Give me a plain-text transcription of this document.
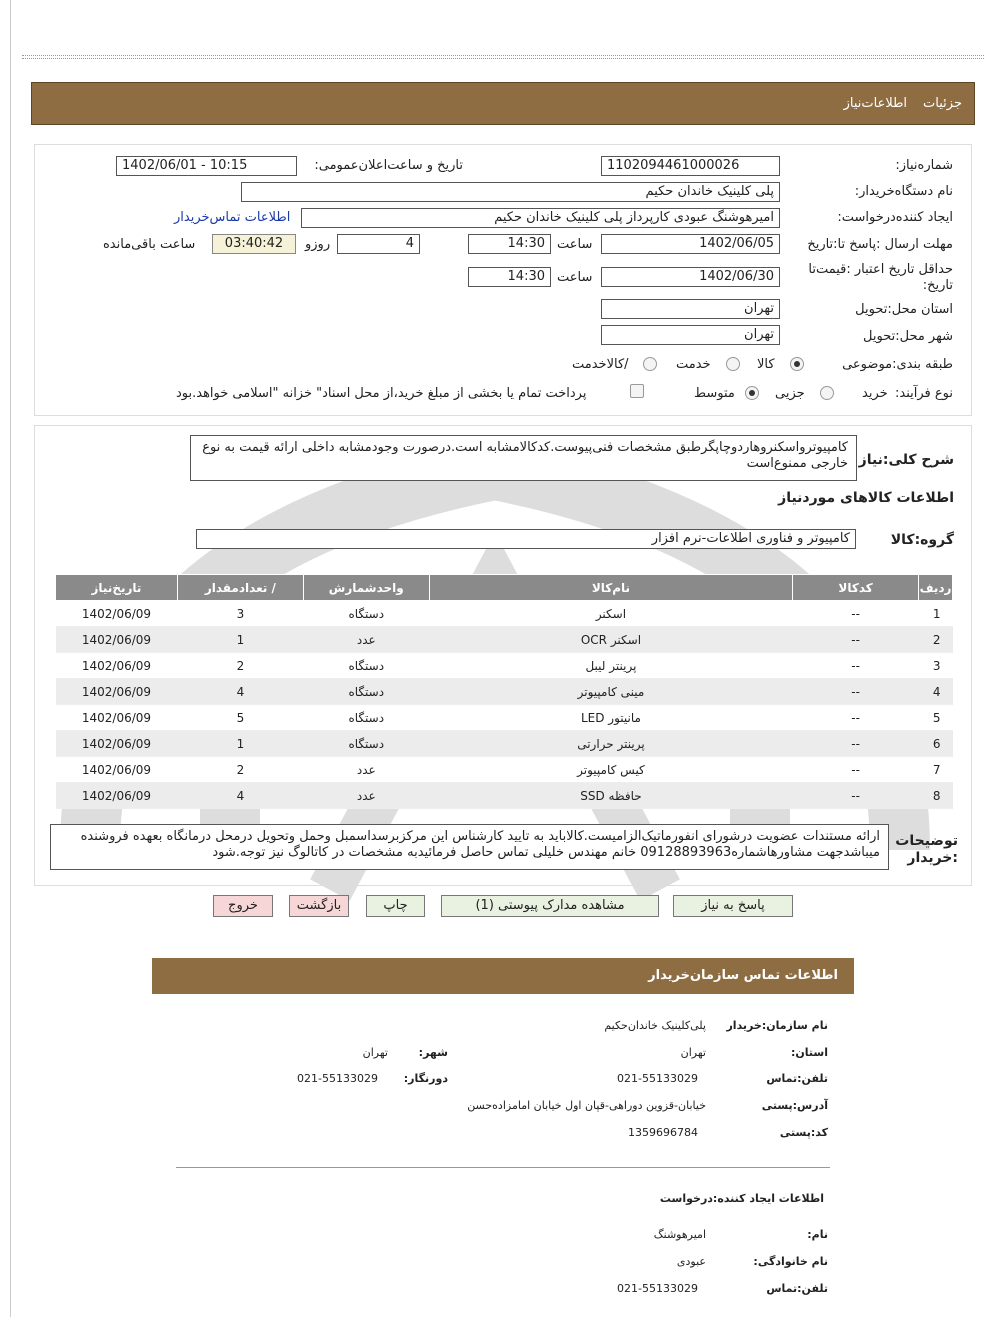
جزئیات
اطلاعات‌نیاز
شماره‌نیاز:
1102094461000026
تاریخ و ساعت‌اعلان‌عمومی:
1402/06/01 - 10:15
نام دستگاه‌خریدار:
پلی کلینیک خاندان حکیم
ایجاد کننده‌درخواست:
امیرهوشنگ عبودی کارپرداز پلی کلینیک خاندان حکیم
اطلاعات تماس‌خریدار
مهلت ارسال :پاسخ تا:تاریخ
1402/06/05
ساعت
14:30
4
روزو
03:40:42
ساعت باقی‌مانده
حداقل تاریخ اعتبار :قیمت‌تا
تاریخ:
1402/06/30
ساعت
14:30
استان محل:تحویل
تهران
شهر محل:تحویل
تهران
طبقه بندی:موضوعی
کالا
خدمت
/کالاخدمت
نوع فرآیند:
خرید
جزیی
متوسط
پرداخت تمام یا بخشی از مبلغ خرید،از محل اسناد" خزانه "اسلامی خواهد.بود
شرح کلی:نیاز
کامپیوترواسکنروهاردوچاپگرطبق مشخصات فنی‌پیوست.کدکالامشابه است.درصورت وجودمشابه داخلی ارائه قیمت به نوع خارجی ممنوع‌است
اطلاعات کالاهای موردنیاز
گروه:کالا
کامپیوتر و فناوری اطلاعات-نرم افزار
ردیف	کدکالا	نام‌کالا	واحدشمارش	/ تعدادمقدار	تاریخ‌نیاز
1	--	اسکنر	دستگاه	3	1402/06/09
2	--	اسکنر OCR	عدد	1	1402/06/09
3	--	پرینتر لیبل	دستگاه	2	1402/06/09
4	--	مینی کامپیوتر	دستگاه	4	1402/06/09
5	--	مانیتور LED	دستگاه	5	1402/06/09
6	--	پرینتر حرارتی	دستگاه	1	1402/06/09
7	--	کیس کامپیوتر	عدد	2	1402/06/09
8	--	حافظه SSD	عدد	4	1402/06/09
توضیحات
:خریدار
ارائه مستندات عضویت درشورای انفورماتیک‌الزامیست.کالاباید به تایید کارشناس این مرکزبرسداسمبل وحمل وتحویل درمحل درمانگاه بعهده فروشنده میباشدجهت مشاورهاشماره09128893963 خانم مهندس خلیلی تماس حاصل فرمائیدبه مشخصات در کاتالوگ نیز توجه.شود
پاسخ به نیاز
مشاهده مدارک پیوستی (1)
چاپ
بازگشت
خروج
اطلاعات تماس سازمان‌خریدار
نام سازمان:خریدار
پلی‌کلینیک خاندان‌حکیم
استان:
تهران
شهر:
تهران
تلفن:تماس
021-55133029
دورنگار:
021-55133029
آدرس:پستی
خیابان-قزوین دوراهی-قپان اول خیابان امامزاده‌حسن
کد:پستی
1359696784
اطلاعات ایجاد کننده:درخواست
نام:
امیرهوشنگ
نام خانوادگی:
عبودی
تلفن:تماس
021-55133029
